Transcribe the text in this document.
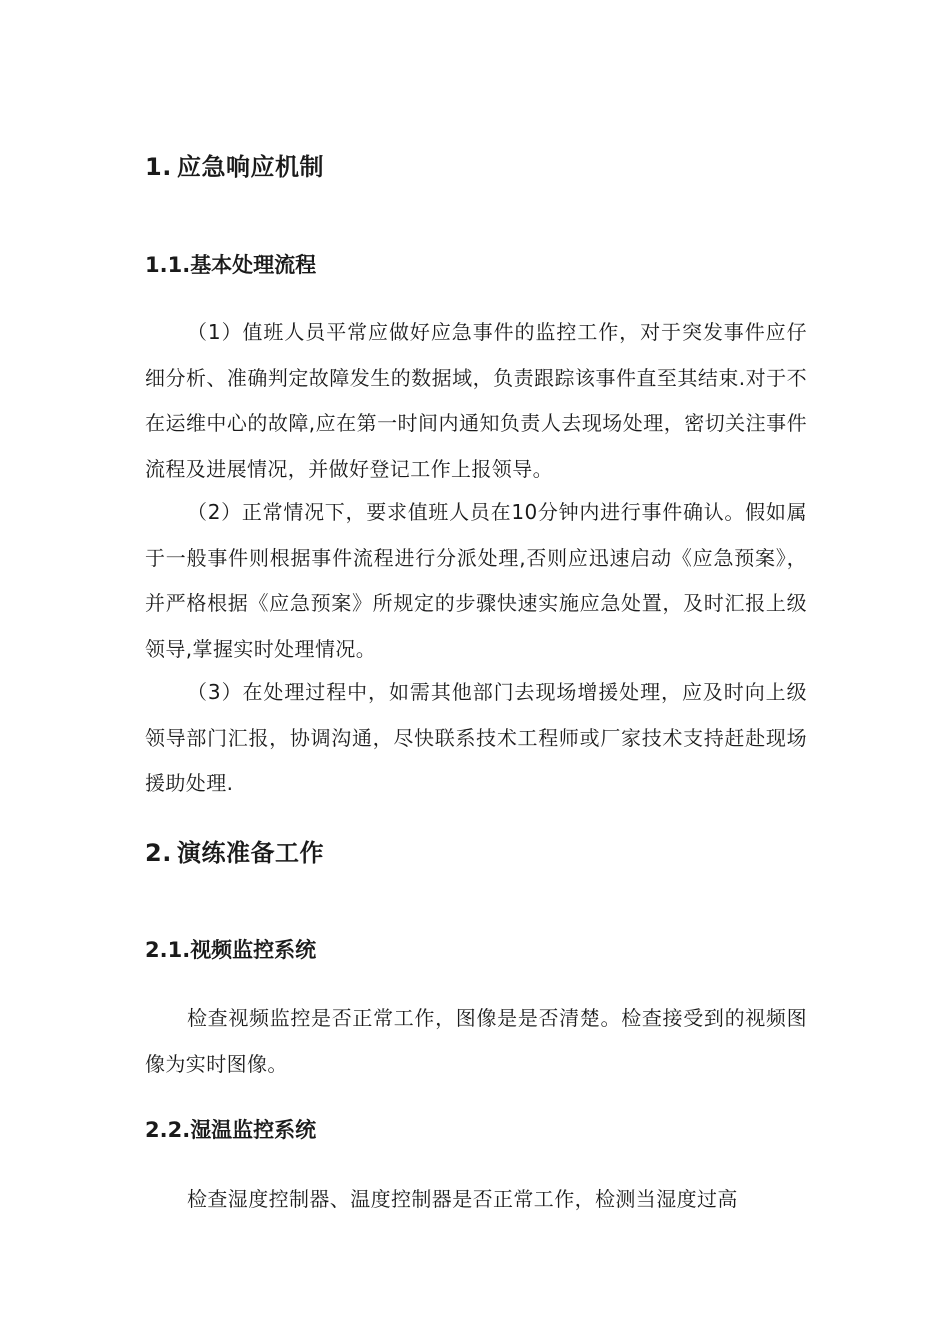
1. 应急响应机制
1.1.基本处理流程

（1）值班人员平常应做好应急事件的监控工作，对于突发事件应仔细分析、准确判定故障发生的数据域，负责跟踪该事件直至其结束.对于不在运维中心的故障,应在第一时间内通知负责人去现场处理，密切关注事件流程及进展情况，并做好登记工作上报领导。

（2）正常情况下，要求值班人员在10分钟内进行事件确认。假如属于一般事件则根据事件流程进行分派处理,否则应迅速启动《应急预案》，并严格根据《应急预案》所规定的步骤快速实施应急处置，及时汇报上级领导,掌握实时处理情况。

（3）在处理过程中，如需其他部门去现场增援处理，应及时向上级领导部门汇报，协调沟通，尽快联系技术工程师或厂家技术支持赶赴现场援助处理.

2. 演练准备工作
2.1.视频监控系统

检查视频监控是否正常工作，图像是是否清楚。检查接受到的视频图像为实时图像。

2.2.湿温监控系统

检查湿度控制器、温度控制器是否正常工作，检测当湿度过高
